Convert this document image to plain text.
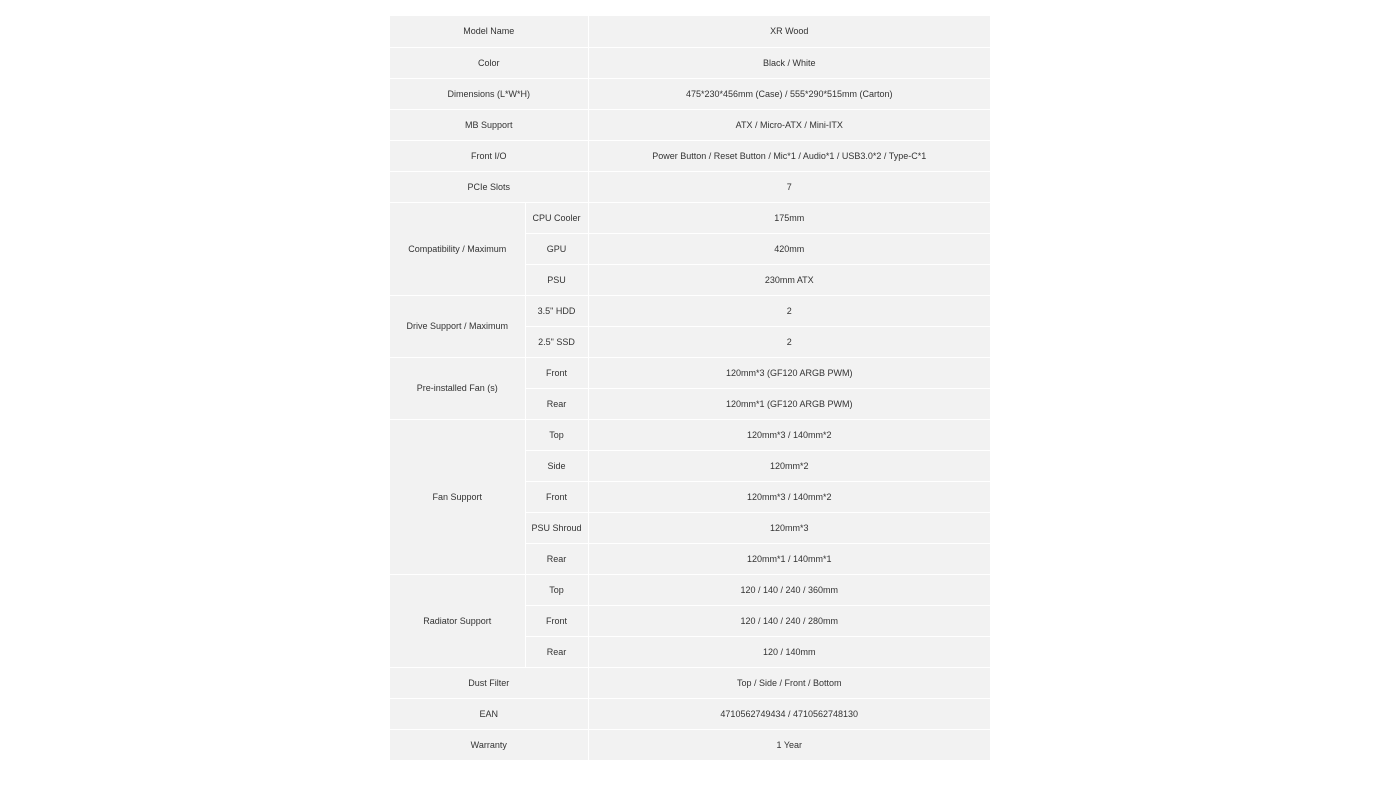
Model Name		XR Wood
Color		Black / White
Dimensions (L*W*H)		475*230*456mm (Case) / 555*290*515mm (Carton)
MB Support		ATX / Micro-ATX / Mini-ITX
Front I/O		Power Button / Reset Button / Mic*1 / Audio*1 / USB3.0*2 / Type-C*1
PCIe Slots		7
Compatibility / Maximum	CPU Cooler	175mm
	GPU	420mm
	PSU	230mm ATX
Drive Support / Maximum	3.5" HDD	2
	2.5" SSD	2
Pre-installed Fan (s)	Front	120mm*3 (GF120 ARGB PWM)
	Rear	120mm*1 (GF120 ARGB PWM)
Fan Support	Top	120mm*3 / 140mm*2
	Side	120mm*2
	Front	120mm*3 / 140mm*2
	PSU Shroud	120mm*3
	Rear	120mm*1 / 140mm*1
Radiator Support	Top	120 / 140 / 240 / 360mm
	Front	120 / 140 / 240 / 280mm
	Rear	120 / 140mm
Dust Filter		Top / Side / Front / Bottom
EAN		4710562749434 / 4710562748130
Warranty		1 Year
